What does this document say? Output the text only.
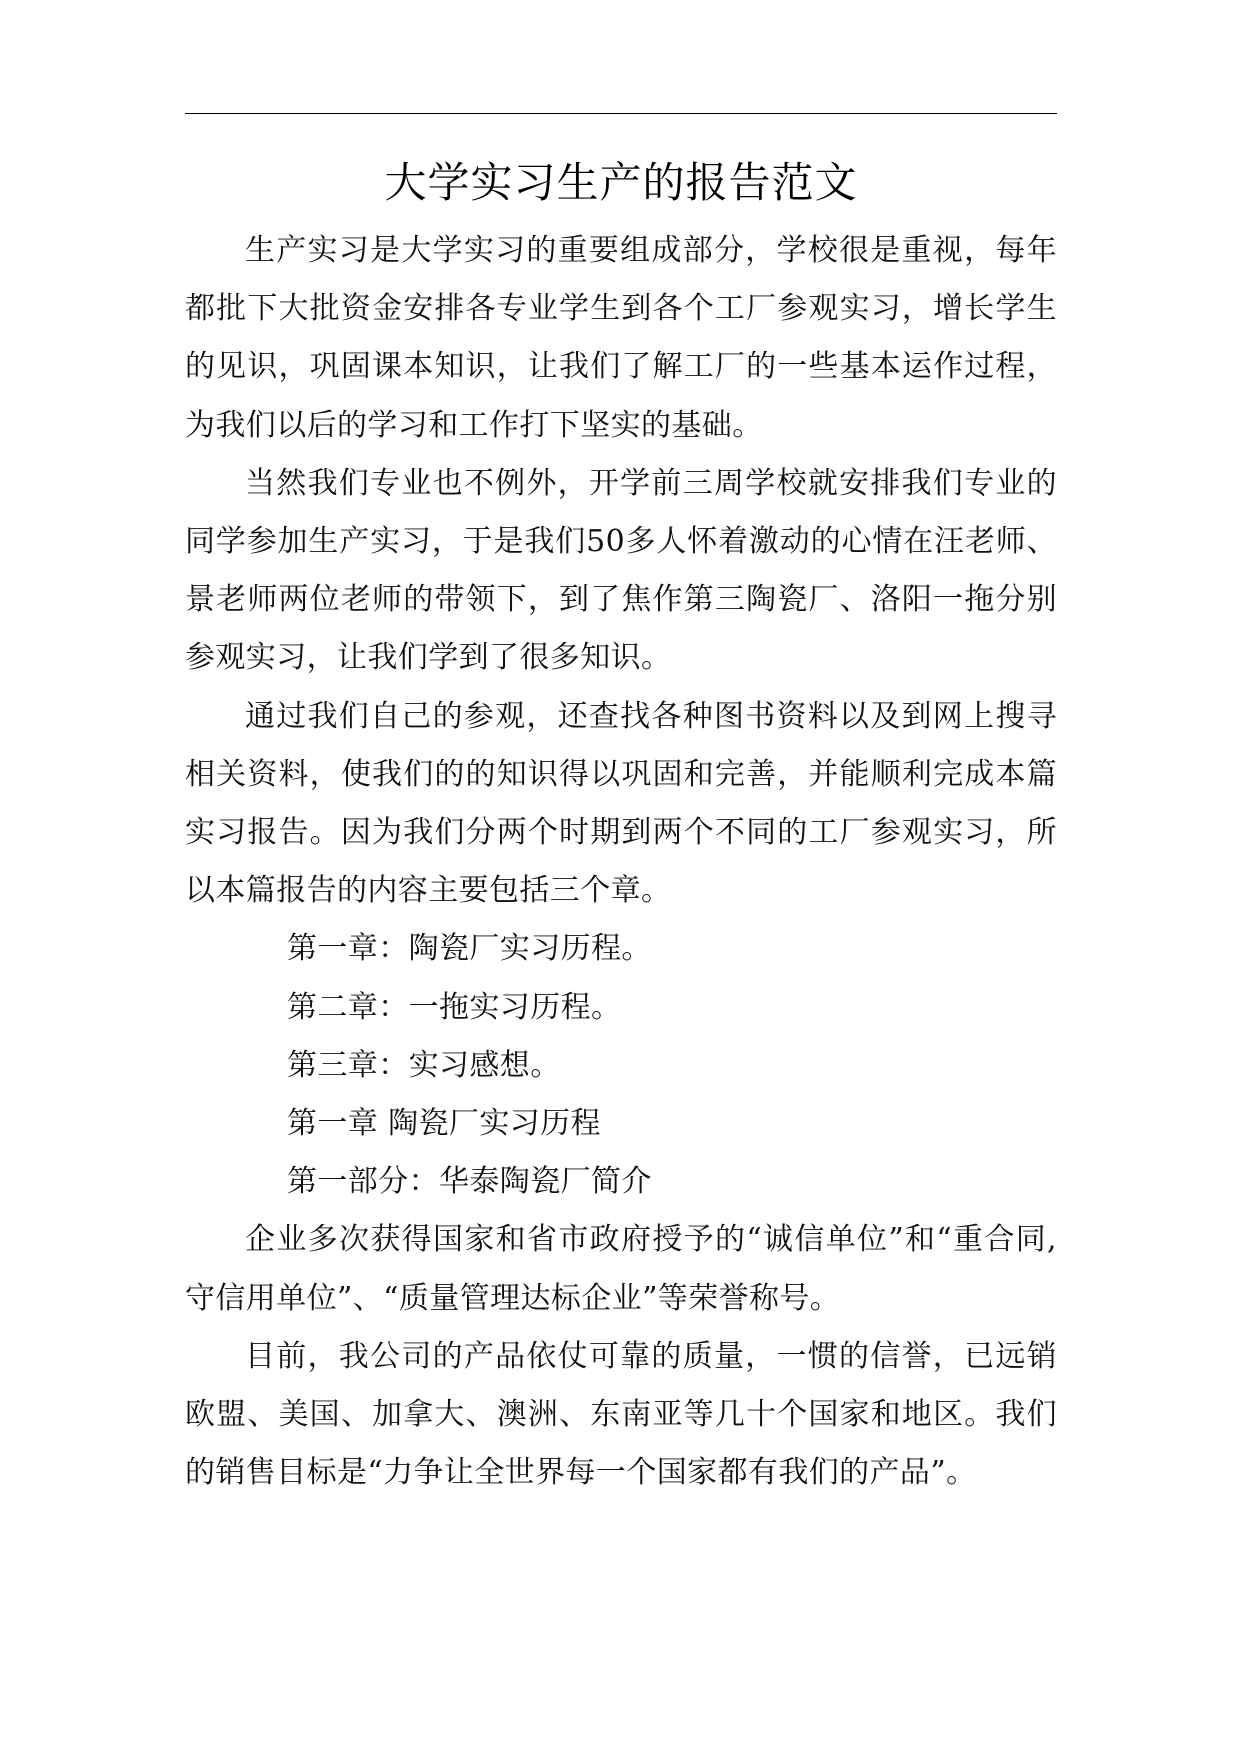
大学实习生产的报告范文

生产实习是大学实习的重要组成部分，学校很是重视，每年都批下大批资金安排各专业学生到各个工厂参观实习，增长学生的见识，巩固课本知识，让我们了解工厂的一些基本运作过程，为我们以后的学习和工作打下坚实的基础。

当然我们专业也不例外，开学前三周学校就安排我们专业的同学参加生产实习，于是我们50多人怀着激动的心情在汪老师、景老师两位老师的带领下，到了焦作第三陶瓷厂、洛阳一拖分别参观实习，让我们学到了很多知识。

通过我们自己的参观，还查找各种图书资料以及到网上搜寻相关资料，使我们的的知识得以巩固和完善，并能顺利完成本篇实习报告。因为我们分两个时期到两个不同的工厂参观实习，所以本篇报告的内容主要包括三个章。

第一章：陶瓷厂实习历程。

第二章：一拖实习历程。

第三章：实习感想。

第一章 陶瓷厂实习历程

第一部分：华泰陶瓷厂简介

企业多次获得国家和省市政府授予的“诚信单位”和“重合同,守信用单位”、“质量管理达标企业”等荣誉称号。

目前，我公司的产品依仗可靠的质量，一惯的信誉，已远销欧盟、美国、加拿大、澳洲、东南亚等几十个国家和地区。我们的销售目标是“力争让全世界每一个国家都有我们的产品”。
